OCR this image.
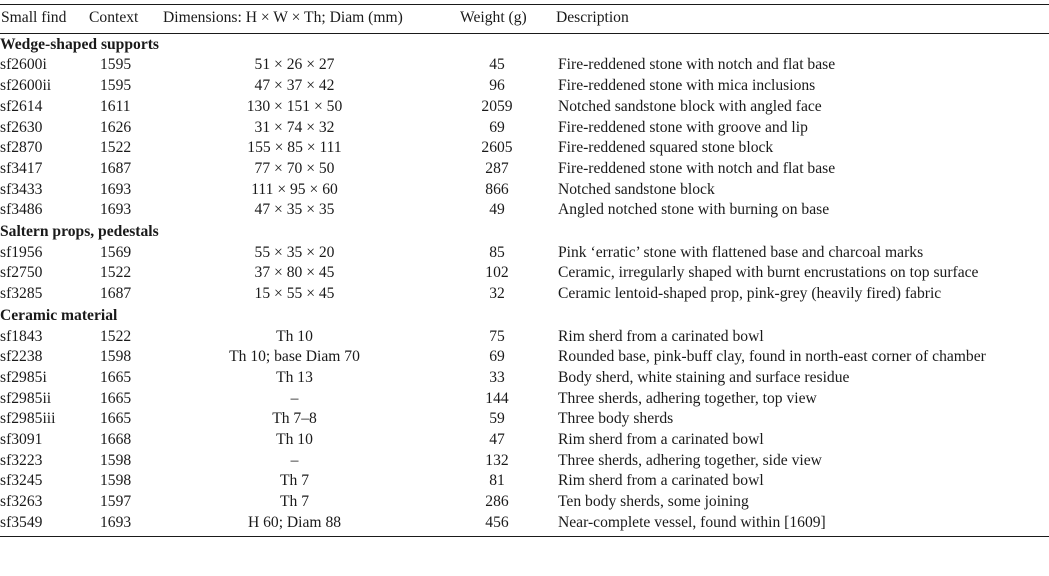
Small find	Context	Dimensions: H × W × Th; Diam (mm)	Weight (g)	Description
Wedge-shaped supports				
sf2600i	1595	51 × 26 × 27	45	Fire-reddened stone with notch and flat base
sf2600ii	1595	47 × 37 × 42	96	Fire-reddened stone with mica inclusions
sf2614	1611	130 × 151 × 50	2059	Notched sandstone block with angled face
sf2630	1626	31 × 74 × 32	69	Fire-reddened stone with groove and lip
sf2870	1522	155 × 85 × 111	2605	Fire-reddened squared stone block
sf3417	1687	77 × 70 × 50	287	Fire-reddened stone with notch and flat base
sf3433	1693	111 × 95 × 60	866	Notched sandstone block
sf3486	1693	47 × 35 × 35	49	Angled notched stone with burning on base
Saltern props, pedestals				
sf1956	1569	55 × 35 × 20	85	Pink ‘erratic’ stone with flattened base and charcoal marks
sf2750	1522	37 × 80 × 45	102	Ceramic, irregularly shaped with burnt encrustations on top surface
sf3285	1687	15 × 55 × 45	32	Ceramic lentoid-shaped prop, pink-grey (heavily fired) fabric
Ceramic material				
sf1843	1522	Th 10	75	Rim sherd from a carinated bowl
sf2238	1598	Th 10; base Diam 70	69	Rounded base, pink-buff clay, found in north-east corner of chamber
sf2985i	1665	Th 13	33	Body sherd, white staining and surface residue
sf2985ii	1665	–	144	Three sherds, adhering together, top view
sf2985iii	1665	Th 7–8	59	Three body sherds
sf3091	1668	Th 10	47	Rim sherd from a carinated bowl
sf3223	1598	–	132	Three sherds, adhering together, side view
sf3245	1598	Th 7	81	Rim sherd from a carinated bowl
sf3263	1597	Th 7	286	Ten body sherds, some joining
sf3549	1693	H 60; Diam 88	456	Near-complete vessel, found within [1609]
